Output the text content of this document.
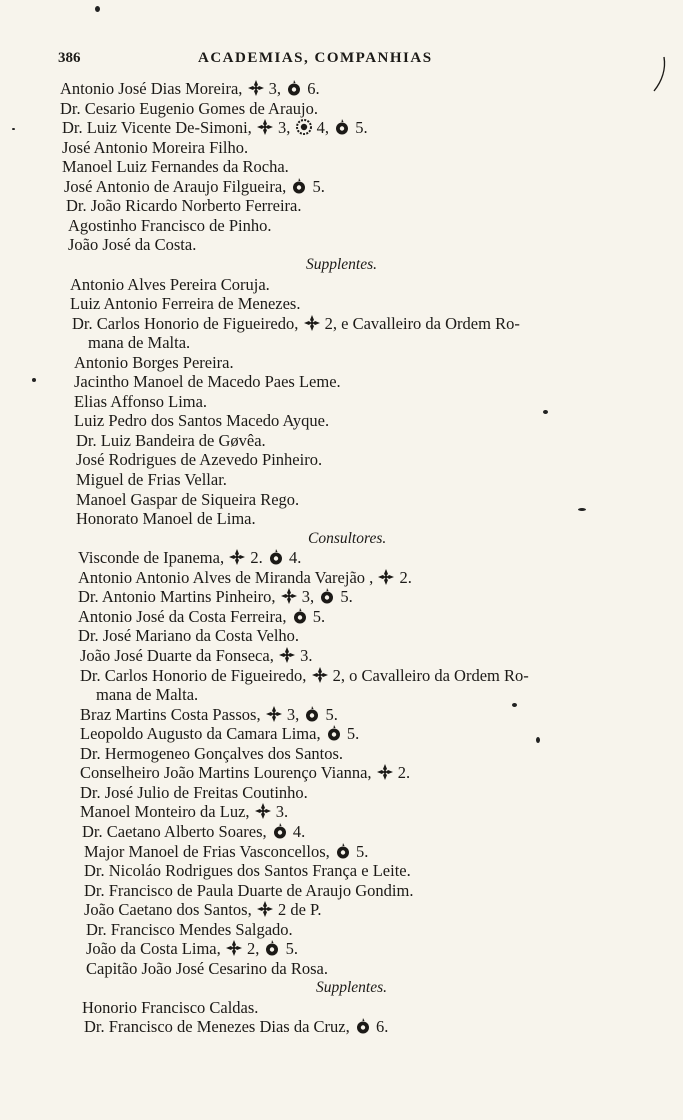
386	ACADEMIAS, COMPANHIAS
Antonio José Dias Moreira,
3,
6.
Dr. Cesario Eugenio Gomes de Araujo.
Dr. Luiz Vicente De-Simoni,
3,
4,
5.
José Antonio Moreira Filho.
Manoel Luiz Fernandes da Rocha.
José Antonio de Araujo Filgueira,
5.
Dr. João Ricardo Norberto Ferreira.
Agostinho Francisco de Pinho.
João José da Costa.
Supplentes.
Antonio Alves Pereira Coruja.
Luiz Antonio Ferreira de Menezes.
Dr. Carlos Honorio de Figueiredo,
2, e Cavalleiro da Ordem Ro-
mana de Malta.
Antonio Borges Pereira.
Jacintho Manoel de Macedo Paes Leme.
Elias Affonso Lima.
Luiz Pedro dos Santos Macedo Ayque.
Dr. Luiz Bandeira de Gøvêa.
José Rodrigues de Azevedo Pinheiro.
Miguel de Frias Vellar.
Manoel Gaspar de Siqueira Rego.
Honorato Manoel de Lima.
Consultores.
Visconde de Ipanema,
2.
4.
Antonio Antonio Alves de Miranda Varejão ,
2.
Dr. Antonio Martins Pinheiro,
3,
5.
Antonio José da Costa Ferreira,
5.
Dr. José Mariano da Costa Velho.
João José Duarte da Fonseca,
3.
Dr. Carlos Honorio de Figueiredo,
2, o Cavalleiro da Ordem Ro-
mana de Malta.
Braz Martins Costa Passos,
3,
5.
Leopoldo Augusto da Camara Lima,
5.
Dr. Hermogeneo Gonçalves dos Santos.
Conselheiro João Martins Lourenço Vianna,
2.
Dr. José Julio de Freitas Coutinho.
Manoel Monteiro da Luz,
3.
Dr. Caetano Alberto Soares,
4.
Major Manoel de Frias Vasconcellos,
5.
Dr. Nicoláo Rodrigues dos Santos França e Leite.
Dr. Francisco de Paula Duarte de Araujo Gondim.
João Caetano dos Santos,
2 de P.
Dr. Francisco Mendes Salgado.
João da Costa Lima,
2,
5.
Capitão João José Cesarino da Rosa.
Supplentes.
Honorio Francisco Caldas.
Dr. Francisco de Menezes Dias da Cruz,
6.
